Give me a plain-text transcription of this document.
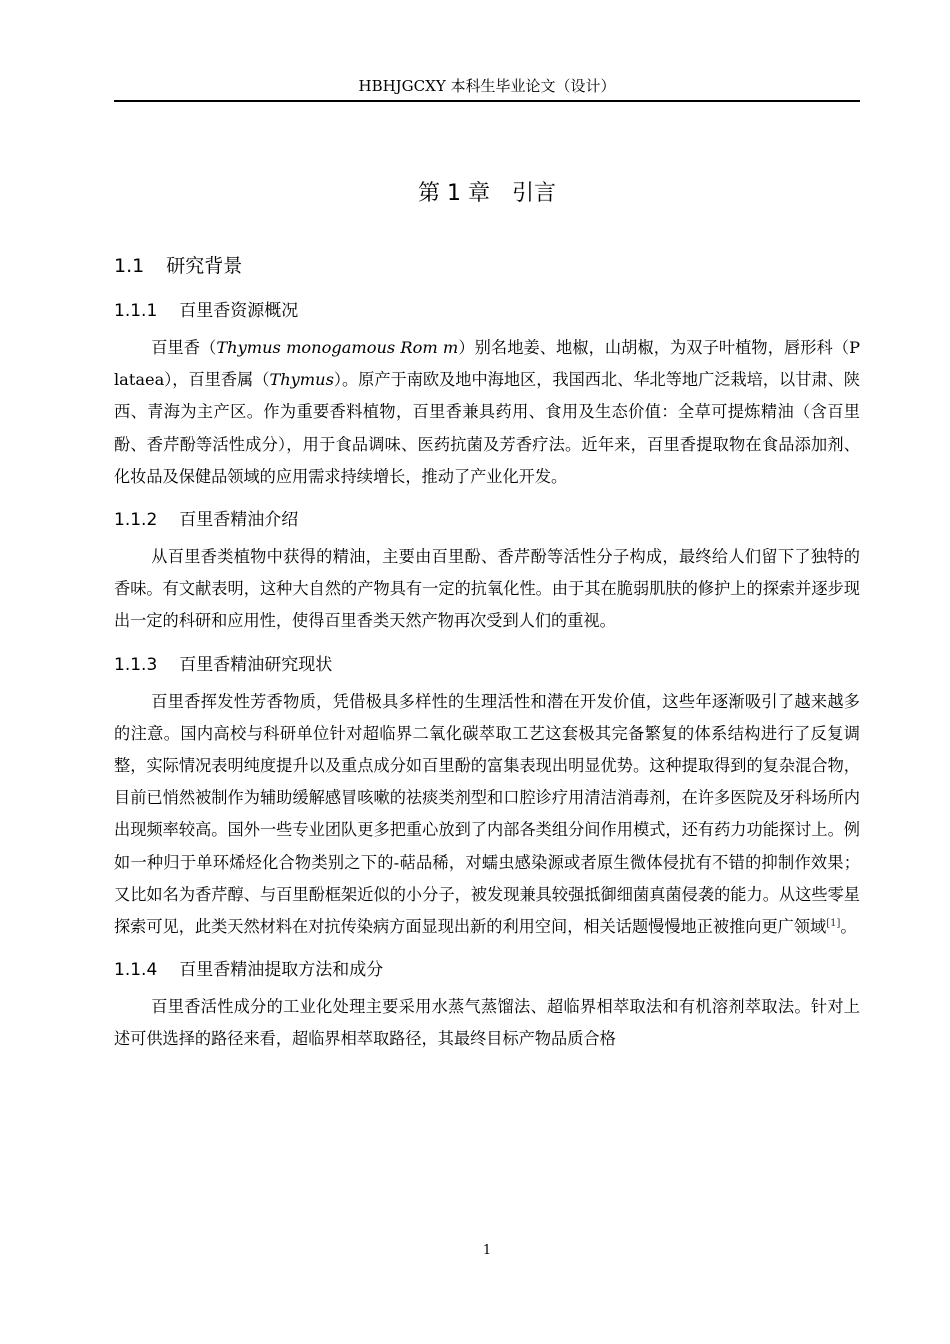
HBHJGCXY 本科生毕业论文（设计）
第 1 章　引言
1.1 研究背景
1.1.1 百里香资源概况

百里香（Thymus monogamous Rom m）别名地姜、地椒，山胡椒，为双子叶植物，唇形科（Plataea），百里香属（Thymus）。原产于南欧及地中海地区，我国西北、华北等地广泛栽培，以甘肃、陕西、青海为主产区。作为重要香料植物，百里香兼具药用、食用及生态价值：全草可提炼精油（含百里酚、香芹酚等活性成分），用于食品调味、医药抗菌及芳香疗法。近年来，百里香提取物在食品添加剂、化妆品及保健品领域的应用需求持续增长，推动了产业化开发。

1.1.2 百里香精油介绍

从百里香类植物中获得的精油，主要由百里酚、香芹酚等活性分子构成，最终给人们留下了独特的香味。有文献表明，这种大自然的产物具有一定的抗氧化性。由于其在脆弱肌肤的修护上的探索并逐步现出一定的科研和应用性，使得百里香类天然产物再次受到人们的重视。

1.1.3 百里香精油研究现状

百里香挥发性芳香物质，凭借极具多样性的生理活性和潜在开发价值，这些年逐渐吸引了越来越多的注意。国内高校与科研单位针对超临界二氧化碳萃取工艺这套极其完备繁复的体系结构进行了反复调整，实际情况表明纯度提升以及重点成分如百里酚的富集表现出明显优势。这种提取得到的复杂混合物，目前已悄然被制作为辅助缓解感冒咳嗽的祛痰类剂型和口腔诊疗用清洁消毒剂，在许多医院及牙科场所内出现频率较高。国外一些专业团队更多把重心放到了内部各类组分间作用模式，还有药力功能探讨上。例如一种归于单环烯烃化合物类别之下的-萜品稀，对蠕虫感染源或者原生微体侵扰有不错的抑制作效果；又比如名为香芹醇、与百里酚框架近似的小分子，被发现兼具较强抵御细菌真菌侵袭的能力。从这些零星探索可见，此类天然材料在对抗传染病方面显现出新的利用空间，相关话题慢慢地正被推向更广领域[1]。

1.1.4 百里香精油提取方法和成分

百里香活性成分的工业化处理主要采用水蒸气蒸馏法、超临界相萃取法和有机溶剂萃取法。针对上述可供选择的路径来看，超临界相萃取路径，其最终目标产物品质合格

1
